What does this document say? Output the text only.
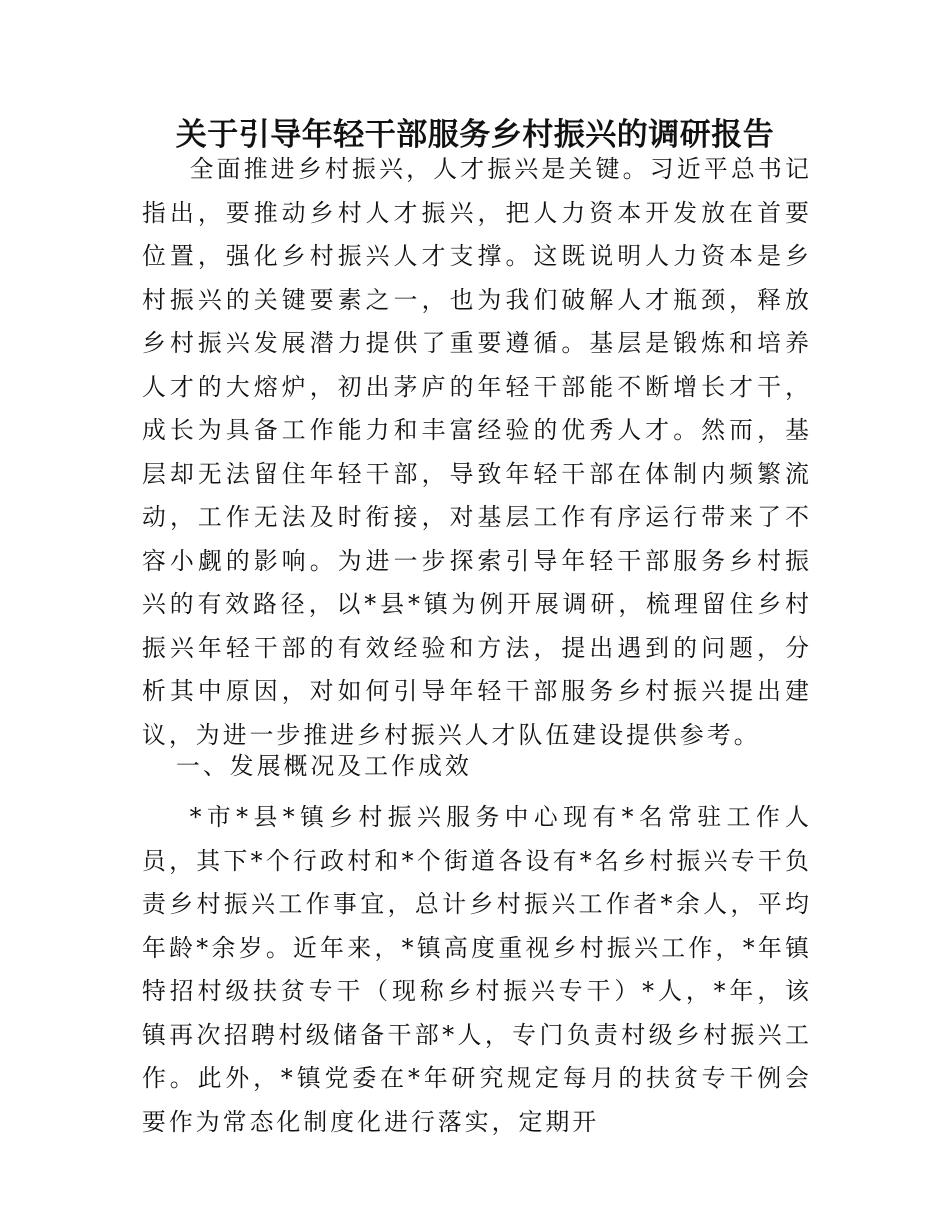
关于引导年轻干部服务乡村振兴的调研报告

全面推进乡村振兴，人才振兴是关键。习近平总书记指出，要推动乡村人才振兴，把人力资本开发放在首要位置，强化乡村振兴人才支撑。这既说明人力资本是乡村振兴的关键要素之一，也为我们破解人才瓶颈，释放乡村振兴发展潜力提供了重要遵循。基层是锻炼和培养人才的大熔炉，初出茅庐的年轻干部能不断增长才干，成长为具备工作能力和丰富经验的优秀人才。然而，基层却无法留住年轻干部，导致年轻干部在体制内频繁流动，工作无法及时衔接，对基层工作有序运行带来了不容小觑的影响。为进一步探索引导年轻干部服务乡村振兴的有效路径，以*县*镇为例开展调研，梳理留住乡村振兴年轻干部的有效经验和方法，提出遇到的问题，分析其中原因，对如何引导年轻干部服务乡村振兴提出建议，为进一步推进乡村振兴人才队伍建设提供参考。

一、发展概况及工作成效

*市*县*镇乡村振兴服务中心现有*名常驻工作人员，其下*个行政村和*个街道各设有*名乡村振兴专干负责乡村振兴工作事宜，总计乡村振兴工作者*余人，平均年龄*余岁。近年来，*镇高度重视乡村振兴工作，*年镇特招村级扶贫专干（现称乡村振兴专干）*人，*年，该镇再次招聘村级储备干部*人，专门负责村级乡村振兴工作。此外，*镇党委在*年研究规定每月的扶贫专干例会要作为常态化制度化进行落实，定期开
